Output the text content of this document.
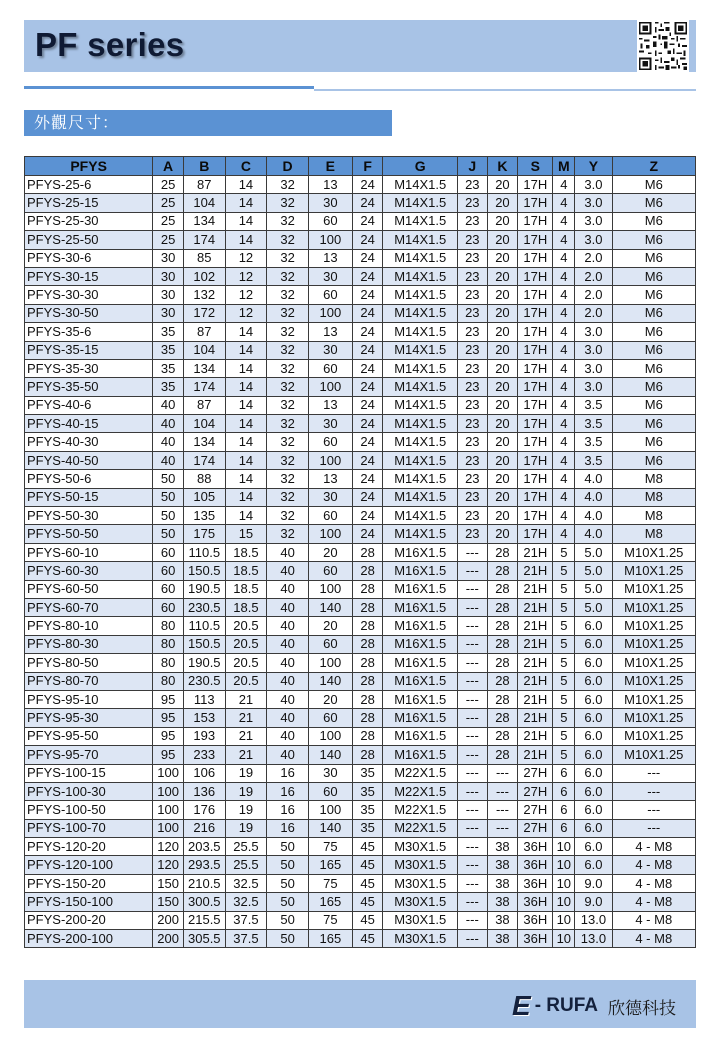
PF series
外觀尺寸：
PFYS	A	B	C	D	E	F	G	J	K	S	M	Y	Z
PFYS-25-6	25	87	14	32	13	24	M14X1.5	23	20	17H	4	3.0	M6
PFYS-25-15	25	104	14	32	30	24	M14X1.5	23	20	17H	4	3.0	M6
PFYS-25-30	25	134	14	32	60	24	M14X1.5	23	20	17H	4	3.0	M6
PFYS-25-50	25	174	14	32	100	24	M14X1.5	23	20	17H	4	3.0	M6
PFYS-30-6	30	85	12	32	13	24	M14X1.5	23	20	17H	4	2.0	M6
PFYS-30-15	30	102	12	32	30	24	M14X1.5	23	20	17H	4	2.0	M6
PFYS-30-30	30	132	12	32	60	24	M14X1.5	23	20	17H	4	2.0	M6
PFYS-30-50	30	172	12	32	100	24	M14X1.5	23	20	17H	4	2.0	M6
PFYS-35-6	35	87	14	32	13	24	M14X1.5	23	20	17H	4	3.0	M6
PFYS-35-15	35	104	14	32	30	24	M14X1.5	23	20	17H	4	3.0	M6
PFYS-35-30	35	134	14	32	60	24	M14X1.5	23	20	17H	4	3.0	M6
PFYS-35-50	35	174	14	32	100	24	M14X1.5	23	20	17H	4	3.0	M6
PFYS-40-6	40	87	14	32	13	24	M14X1.5	23	20	17H	4	3.5	M6
PFYS-40-15	40	104	14	32	30	24	M14X1.5	23	20	17H	4	3.5	M6
PFYS-40-30	40	134	14	32	60	24	M14X1.5	23	20	17H	4	3.5	M6
PFYS-40-50	40	174	14	32	100	24	M14X1.5	23	20	17H	4	3.5	M6
PFYS-50-6	50	88	14	32	13	24	M14X1.5	23	20	17H	4	4.0	M8
PFYS-50-15	50	105	14	32	30	24	M14X1.5	23	20	17H	4	4.0	M8
PFYS-50-30	50	135	14	32	60	24	M14X1.5	23	20	17H	4	4.0	M8
PFYS-50-50	50	175	15	32	100	24	M14X1.5	23	20	17H	4	4.0	M8
PFYS-60-10	60	110.5	18.5	40	20	28	M16X1.5	---	28	21H	5	5.0	M10X1.25
PFYS-60-30	60	150.5	18.5	40	60	28	M16X1.5	---	28	21H	5	5.0	M10X1.25
PFYS-60-50	60	190.5	18.5	40	100	28	M16X1.5	---	28	21H	5	5.0	M10X1.25
PFYS-60-70	60	230.5	18.5	40	140	28	M16X1.5	---	28	21H	5	5.0	M10X1.25
PFYS-80-10	80	110.5	20.5	40	20	28	M16X1.5	---	28	21H	5	6.0	M10X1.25
PFYS-80-30	80	150.5	20.5	40	60	28	M16X1.5	---	28	21H	5	6.0	M10X1.25
PFYS-80-50	80	190.5	20.5	40	100	28	M16X1.5	---	28	21H	5	6.0	M10X1.25
PFYS-80-70	80	230.5	20.5	40	140	28	M16X1.5	---	28	21H	5	6.0	M10X1.25
PFYS-95-10	95	113	21	40	20	28	M16X1.5	---	28	21H	5	6.0	M10X1.25
PFYS-95-30	95	153	21	40	60	28	M16X1.5	---	28	21H	5	6.0	M10X1.25
PFYS-95-50	95	193	21	40	100	28	M16X1.5	---	28	21H	5	6.0	M10X1.25
PFYS-95-70	95	233	21	40	140	28	M16X1.5	---	28	21H	5	6.0	M10X1.25
PFYS-100-15	100	106	19	16	30	35	M22X1.5	---	---	27H	6	6.0	---
PFYS-100-30	100	136	19	16	60	35	M22X1.5	---	---	27H	6	6.0	---
PFYS-100-50	100	176	19	16	100	35	M22X1.5	---	---	27H	6	6.0	---
PFYS-100-70	100	216	19	16	140	35	M22X1.5	---	---	27H	6	6.0	---
PFYS-120-20	120	203.5	25.5	50	75	45	M30X1.5	---	38	36H	10	6.0	4 - M8
PFYS-120-100	120	293.5	25.5	50	165	45	M30X1.5	---	38	36H	10	6.0	4 - M8
PFYS-150-20	150	210.5	32.5	50	75	45	M30X1.5	---	38	36H	10	9.0	4 - M8
PFYS-150-100	150	300.5	32.5	50	165	45	M30X1.5	---	38	36H	10	9.0	4 - M8
PFYS-200-20	200	215.5	37.5	50	75	45	M30X1.5	---	38	36H	10	13.0	4 - M8
PFYS-200-100	200	305.5	37.5	50	165	45	M30X1.5	---	38	36H	10	13.0	4 - M8
E - RUFA 欣德科技
